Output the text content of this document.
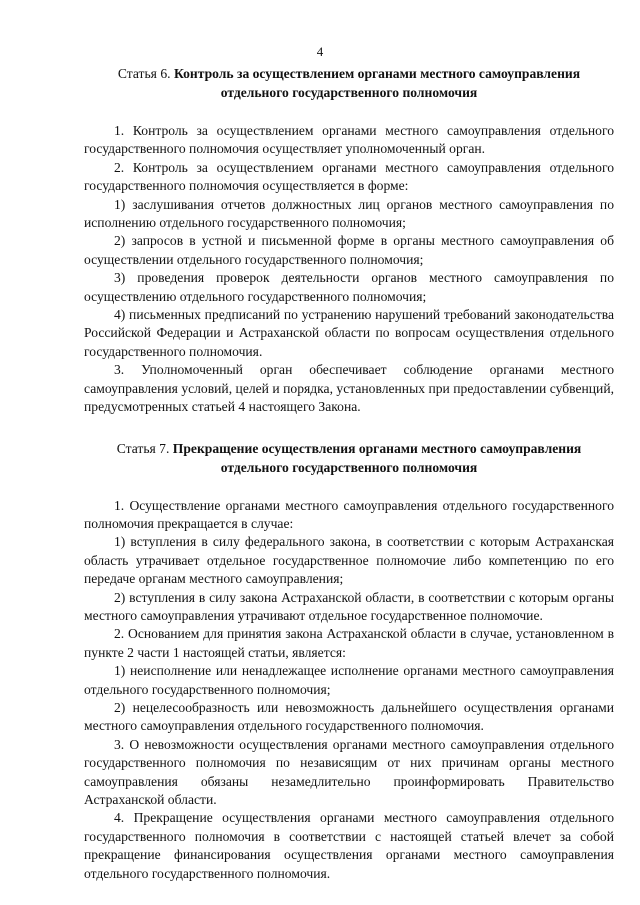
4
Статья 6. Контроль за осуществлением органами местного самоуправления
отдельного государственного полномочия

1. Контроль за осуществлением органами местного самоуправления отдельного государственного полномочия осуществляет уполномоченный орган.

2. Контроль за осуществлением органами местного самоуправления отдельного государственного полномочия осуществляется в форме:

1) заслушивания отчетов должностных лиц органов местного самоуправления по исполнению отдельного государственного полномочия;

2) запросов в устной и письменной форме в органы местного самоуправления об осуществлении отдельного государственного полномочия;

3) проведения проверок деятельности органов местного самоуправления по осуществлению отдельного государственного полномочия;

4) письменных предписаний по устранению нарушений требований законодательства Российской Федерации и Астраханской области по вопросам осуществления отдельного государственного полномочия.

3. Уполномоченный орган обеспечивает соблюдение органами местного самоуправления условий, целей и порядка, установленных при предоставлении субвенций, предусмотренных статьей 4 настоящего Закона.

Статья 7. Прекращение осуществления органами местного самоуправления
отдельного государственного полномочия

1. Осуществление органами местного самоуправления отдельного государственного полномочия прекращается в случае:

1) вступления в силу федерального закона, в соответствии с которым Астраханская область утрачивает отдельное государственное полномочие либо компетенцию по его передаче органам местного самоуправления;

2) вступления в силу закона Астраханской области, в соответствии с которым органы местного самоуправления утрачивают отдельное государственное полномочие.

2. Основанием для принятия закона Астраханской области в случае, установленном в пункте 2 части 1 настоящей статьи, является:

1) неисполнение или ненадлежащее исполнение органами местного самоуправления отдельного государственного полномочия;

2) нецелесообразность или невозможность дальнейшего осуществления органами местного самоуправления отдельного государственного полномочия.

3. О невозможности осуществления органами местного самоуправления отдельного государственного полномочия по независящим от них причинам органы местного самоуправления обязаны незамедлительно проинформировать Правительство Астраханской области.

4. Прекращение осуществления органами местного самоуправления отдельного государственного полномочия в соответствии с настоящей статьей влечет за собой прекращение финансирования осуществления органами местного самоуправления отдельного государственного полномочия.
